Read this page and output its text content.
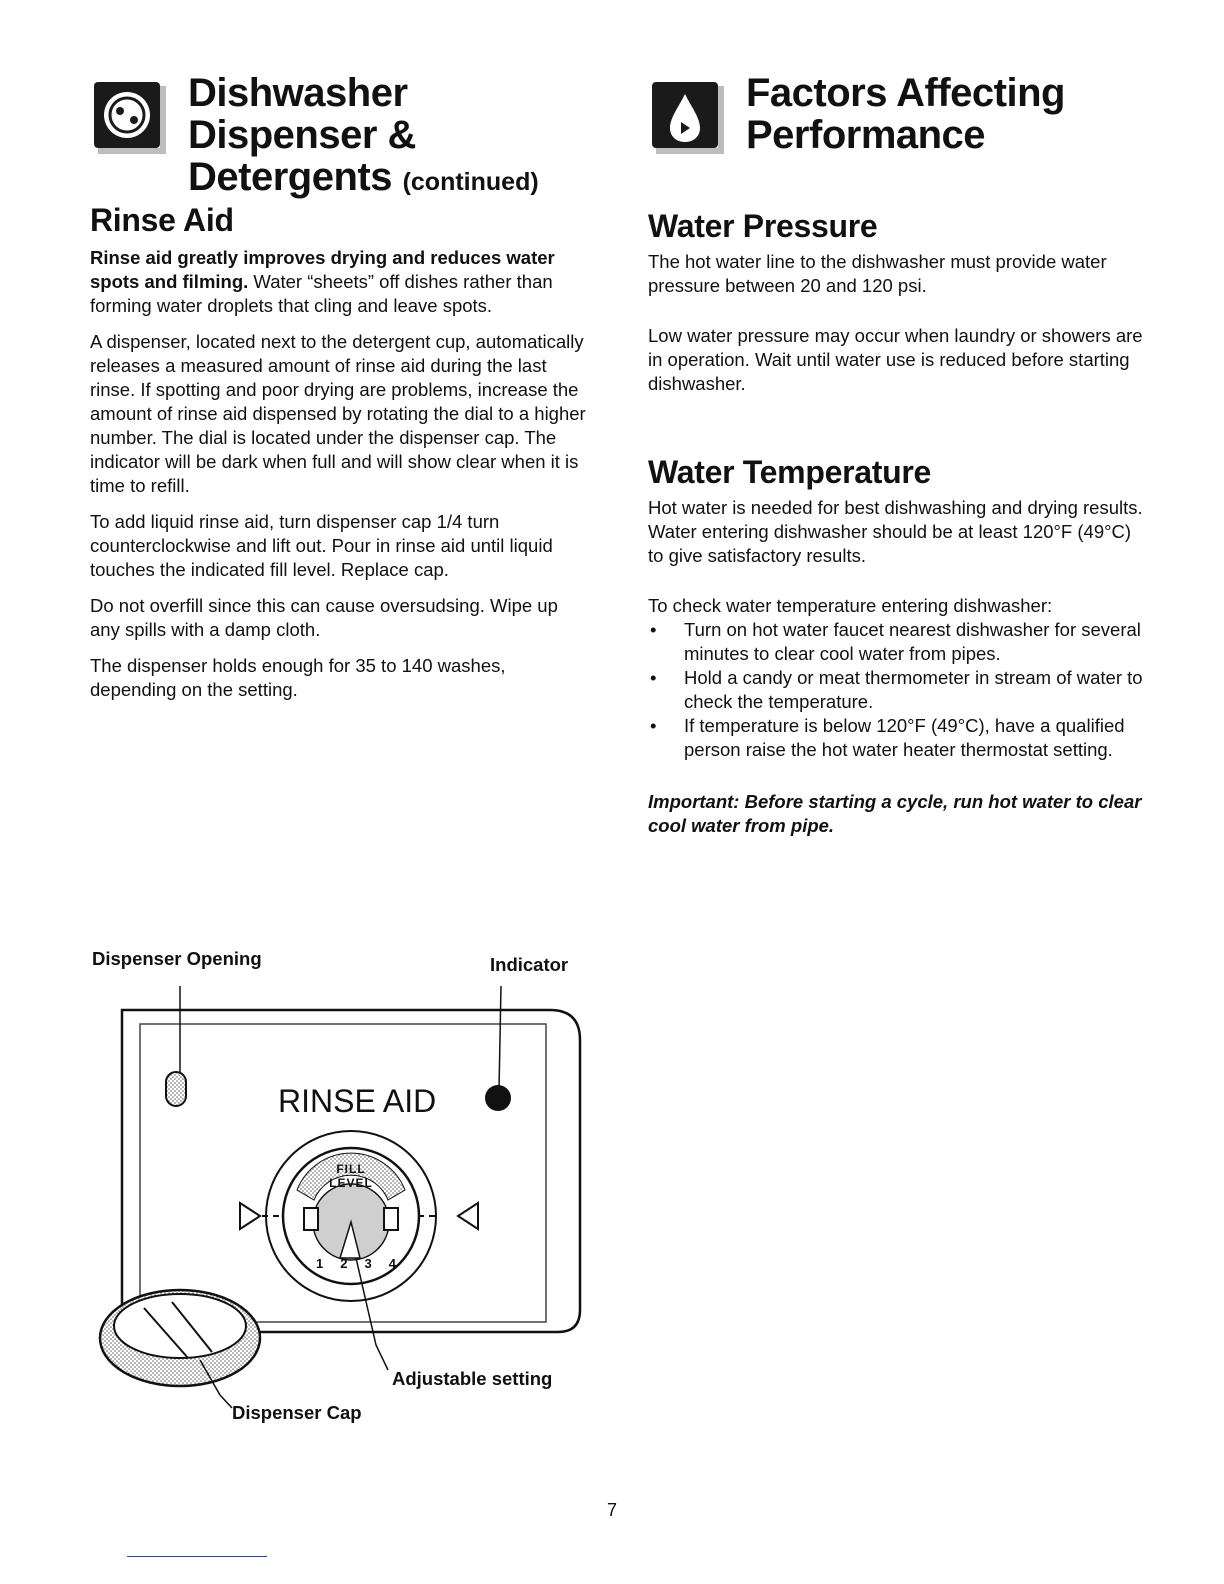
Dishwasher
Dispenser &
Detergents (continued)
Rinse Aid

Rinse aid greatly improves drying and reduces water spots and filming. Water “sheets” off dishes rather than forming water droplets that cling and leave spots.

A dispenser, located next to the detergent cup, automatically releases a measured amount of rinse aid during the last rinse. If spotting and poor drying are problems, increase the amount of rinse aid dispensed by rotating the dial to a higher number. The dial is located under the dispenser cap. The indicator will be dark when full and will show clear when it is time to refill.

To add liquid rinse aid, turn dispenser cap 1/4 turn counterclockwise and lift out. Pour in rinse aid until liquid touches the indicated fill level. Replace cap.

Do not overfill since this can cause oversudsing. Wipe up any spills with a damp cloth.

The dispenser holds enough for 35 to 140 washes, depending on the setting.

Dispenser Opening	Indicator
RINSE AID
FILL LEVEL
1 2 3 4
Adjustable setting
Dispenser Cap
Factors Affecting
Performance
Water Pressure

The hot water line to the dishwasher must provide water pressure between 20 and 120 psi.

Low water pressure may occur when laundry or showers are in operation. Wait until water use is reduced before starting dishwasher.

Water Temperature

Hot water is needed for best dishwashing and drying results. Water entering dishwasher should be at least 120°F (49°C) to give satisfactory results.

To check water temperature entering dishwasher:

• Turn on hot water faucet nearest dishwasher for several minutes to clear cool water from pipes.
• Hold a candy or meat thermometer in stream of water to check the temperature.
• If temperature is below 120°F (49°C), have a qualified person raise the hot water heater thermostat setting.

Important: Before starting a cycle, run hot water to clear cool water from pipe.

7
